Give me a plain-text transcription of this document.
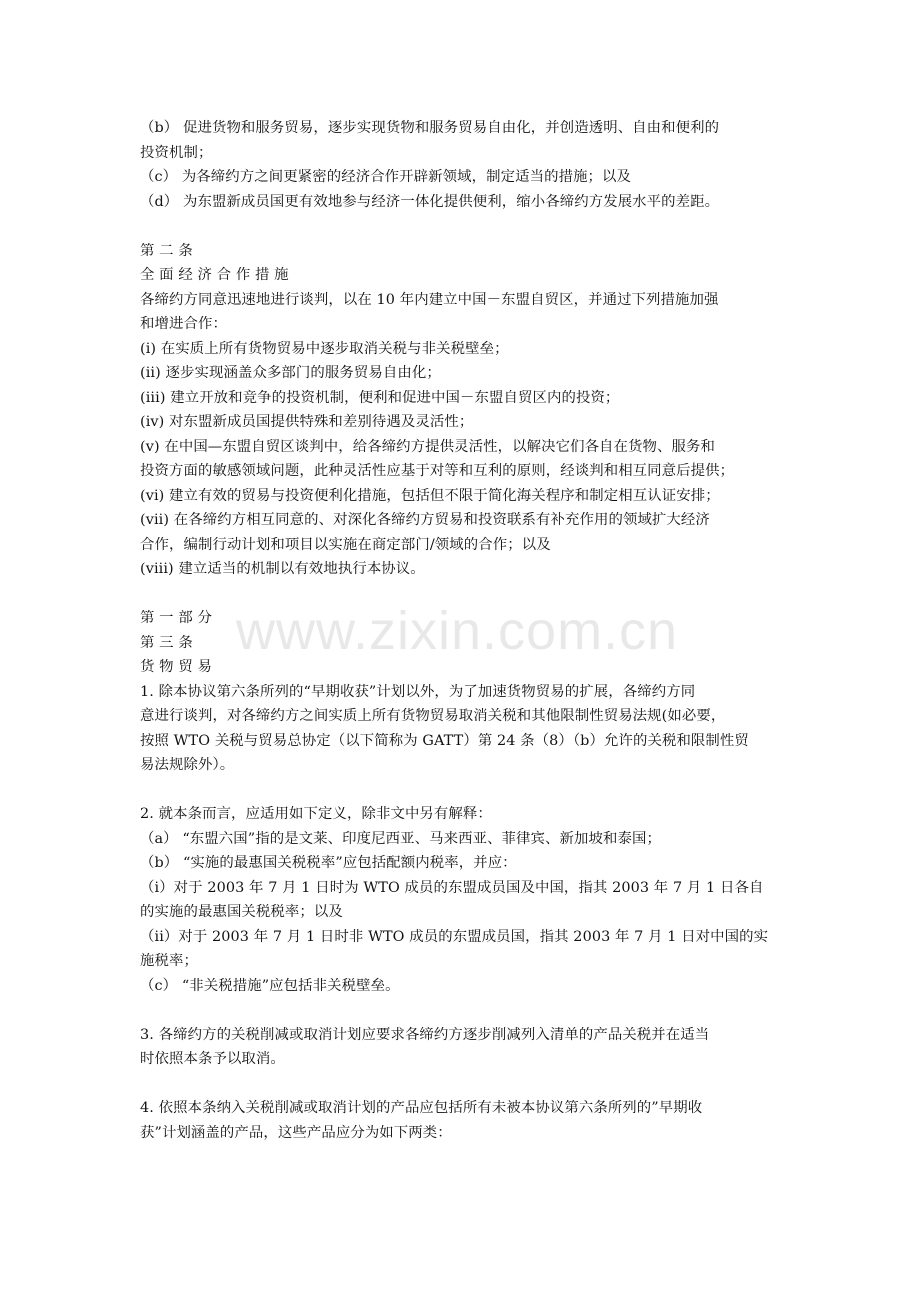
www.zixin.com.cn
（b） 促进货物和服务贸易，逐步实现货物和服务贸易自由化，并创造透明、自由和便利的
投资机制；
（c） 为各缔约方之间更紧密的经济合作开辟新领域，制定适当的措施；以及
（d） 为东盟新成员国更有效地参与经济一体化提供便利，缩小各缔约方发展水平的差距。
第 二 条
全 面 经 济 合 作 措 施
各缔约方同意迅速地进行谈判，以在 10 年内建立中国－东盟自贸区，并通过下列措施加强
和增进合作：
(i) 在实质上所有货物贸易中逐步取消关税与非关税壁垒；
(ii) 逐步实现涵盖众多部门的服务贸易自由化；
(iii) 建立开放和竞争的投资机制，便利和促进中国－东盟自贸区内的投资；
(iv) 对东盟新成员国提供特殊和差别待遇及灵活性；
(v) 在中国—东盟自贸区谈判中，给各缔约方提供灵活性，以解决它们各自在货物、服务和
投资方面的敏感领域问题，此种灵活性应基于对等和互利的原则，经谈判和相互同意后提供；
(vi) 建立有效的贸易与投资便利化措施，包括但不限于简化海关程序和制定相互认证安排；
(vii) 在各缔约方相互同意的、对深化各缔约方贸易和投资联系有补充作用的领域扩大经济
合作，编制行动计划和项目以实施在商定部门/领域的合作；以及
(viii) 建立适当的机制以有效地执行本协议。
第 一 部 分
第 三 条
货 物 贸 易
1. 除本协议第六条所列的“早期收获”计划以外，为了加速货物贸易的扩展，各缔约方同
意进行谈判，对各缔约方之间实质上所有货物贸易取消关税和其他限制性贸易法规(如必要，
按照 WTO 关税与贸易总协定（以下简称为 GATT）第 24 条（8）（b）允许的关税和限制性贸
易法规除外）。
2. 就本条而言，应适用如下定义，除非文中另有解释：
（a） “东盟六国”指的是文莱、印度尼西亚、马来西亚、菲律宾、新加坡和泰国；
（b） “实施的最惠国关税税率”应包括配额内税率，并应：
（i）对于 2003 年 7 月 1 日时为 WTO 成员的东盟成员国及中国，指其 2003 年 7 月 1 日各自
的实施的最惠国关税税率；以及
（ii）对于 2003 年 7 月 1 日时非 WTO 成员的东盟成员国，指其 2003 年 7 月 1 日对中国的实
施税率；
（c） “非关税措施”应包括非关税壁垒。
3. 各缔约方的关税削减或取消计划应要求各缔约方逐步削减列入清单的产品关税并在适当
时依照本条予以取消。
4. 依照本条纳入关税削减或取消计划的产品应包括所有未被本协议第六条所列的”早期收
获”计划涵盖的产品，这些产品应分为如下两类：
